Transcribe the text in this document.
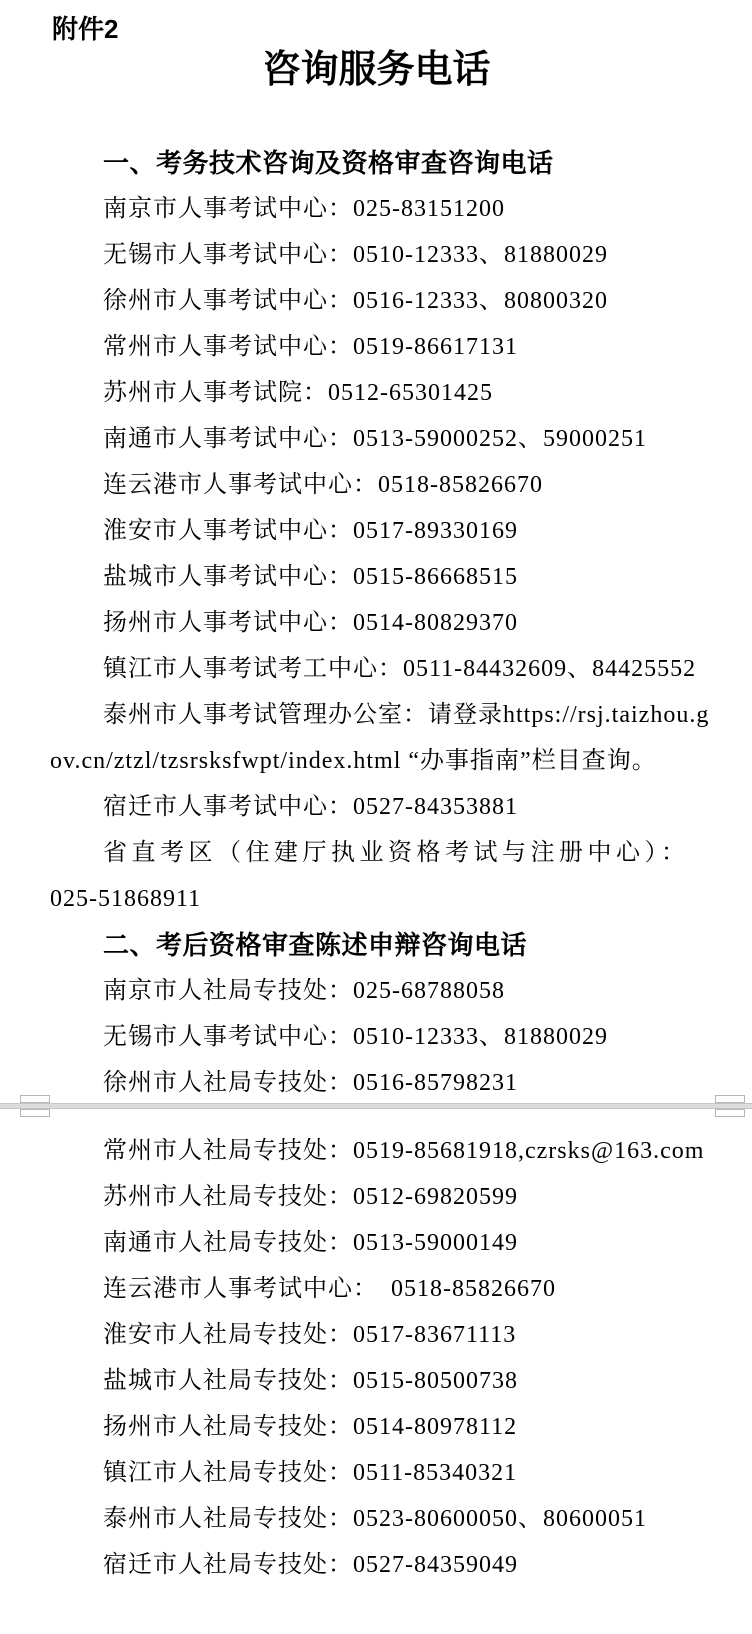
附件2
咨询服务电话
一、考务技术咨询及资格审查咨询电话
南京市人事考试中心：025-83151200
无锡市人事考试中心：0510-12333、81880029
徐州市人事考试中心：0516-12333、80800320
常州市人事考试中心：0519-86617131
苏州市人事考试院：0512-65301425
南通市人事考试中心：0513-59000252、59000251
连云港市人事考试中心：0518-85826670
淮安市人事考试中心：0517-89330169
盐城市人事考试中心：0515-86668515
扬州市人事考试中心：0514-80829370
镇江市人事考试考工中心：0511-84432609、84425552
泰州市人事考试管理办公室：请登录https://rsj.taizhou.g
ov.cn/ztzl/tzsrsksfwpt/index.html “办事指南”栏目查询。
宿迁市人事考试中心：0527-84353881
省直考区（住建厅执业资格考试与注册中心）：
025-51868911
二、考后资格审查陈述申辩咨询电话
南京市人社局专技处：025-68788058
无锡市人事考试中心：0510-12333、81880029
徐州市人社局专技处：0516-85798231
常州市人社局专技处：0519-85681918,czrsks@163.com
苏州市人社局专技处：0512-69820599
南通市人社局专技处：0513-59000149
连云港市人事考试中心：　0518-85826670
淮安市人社局专技处：0517-83671113
盐城市人社局专技处：0515-80500738
扬州市人社局专技处：0514-80978112
镇江市人社局专技处：0511-85340321
泰州市人社局专技处：0523-80600050、80600051
宿迁市人社局专技处：0527-84359049
